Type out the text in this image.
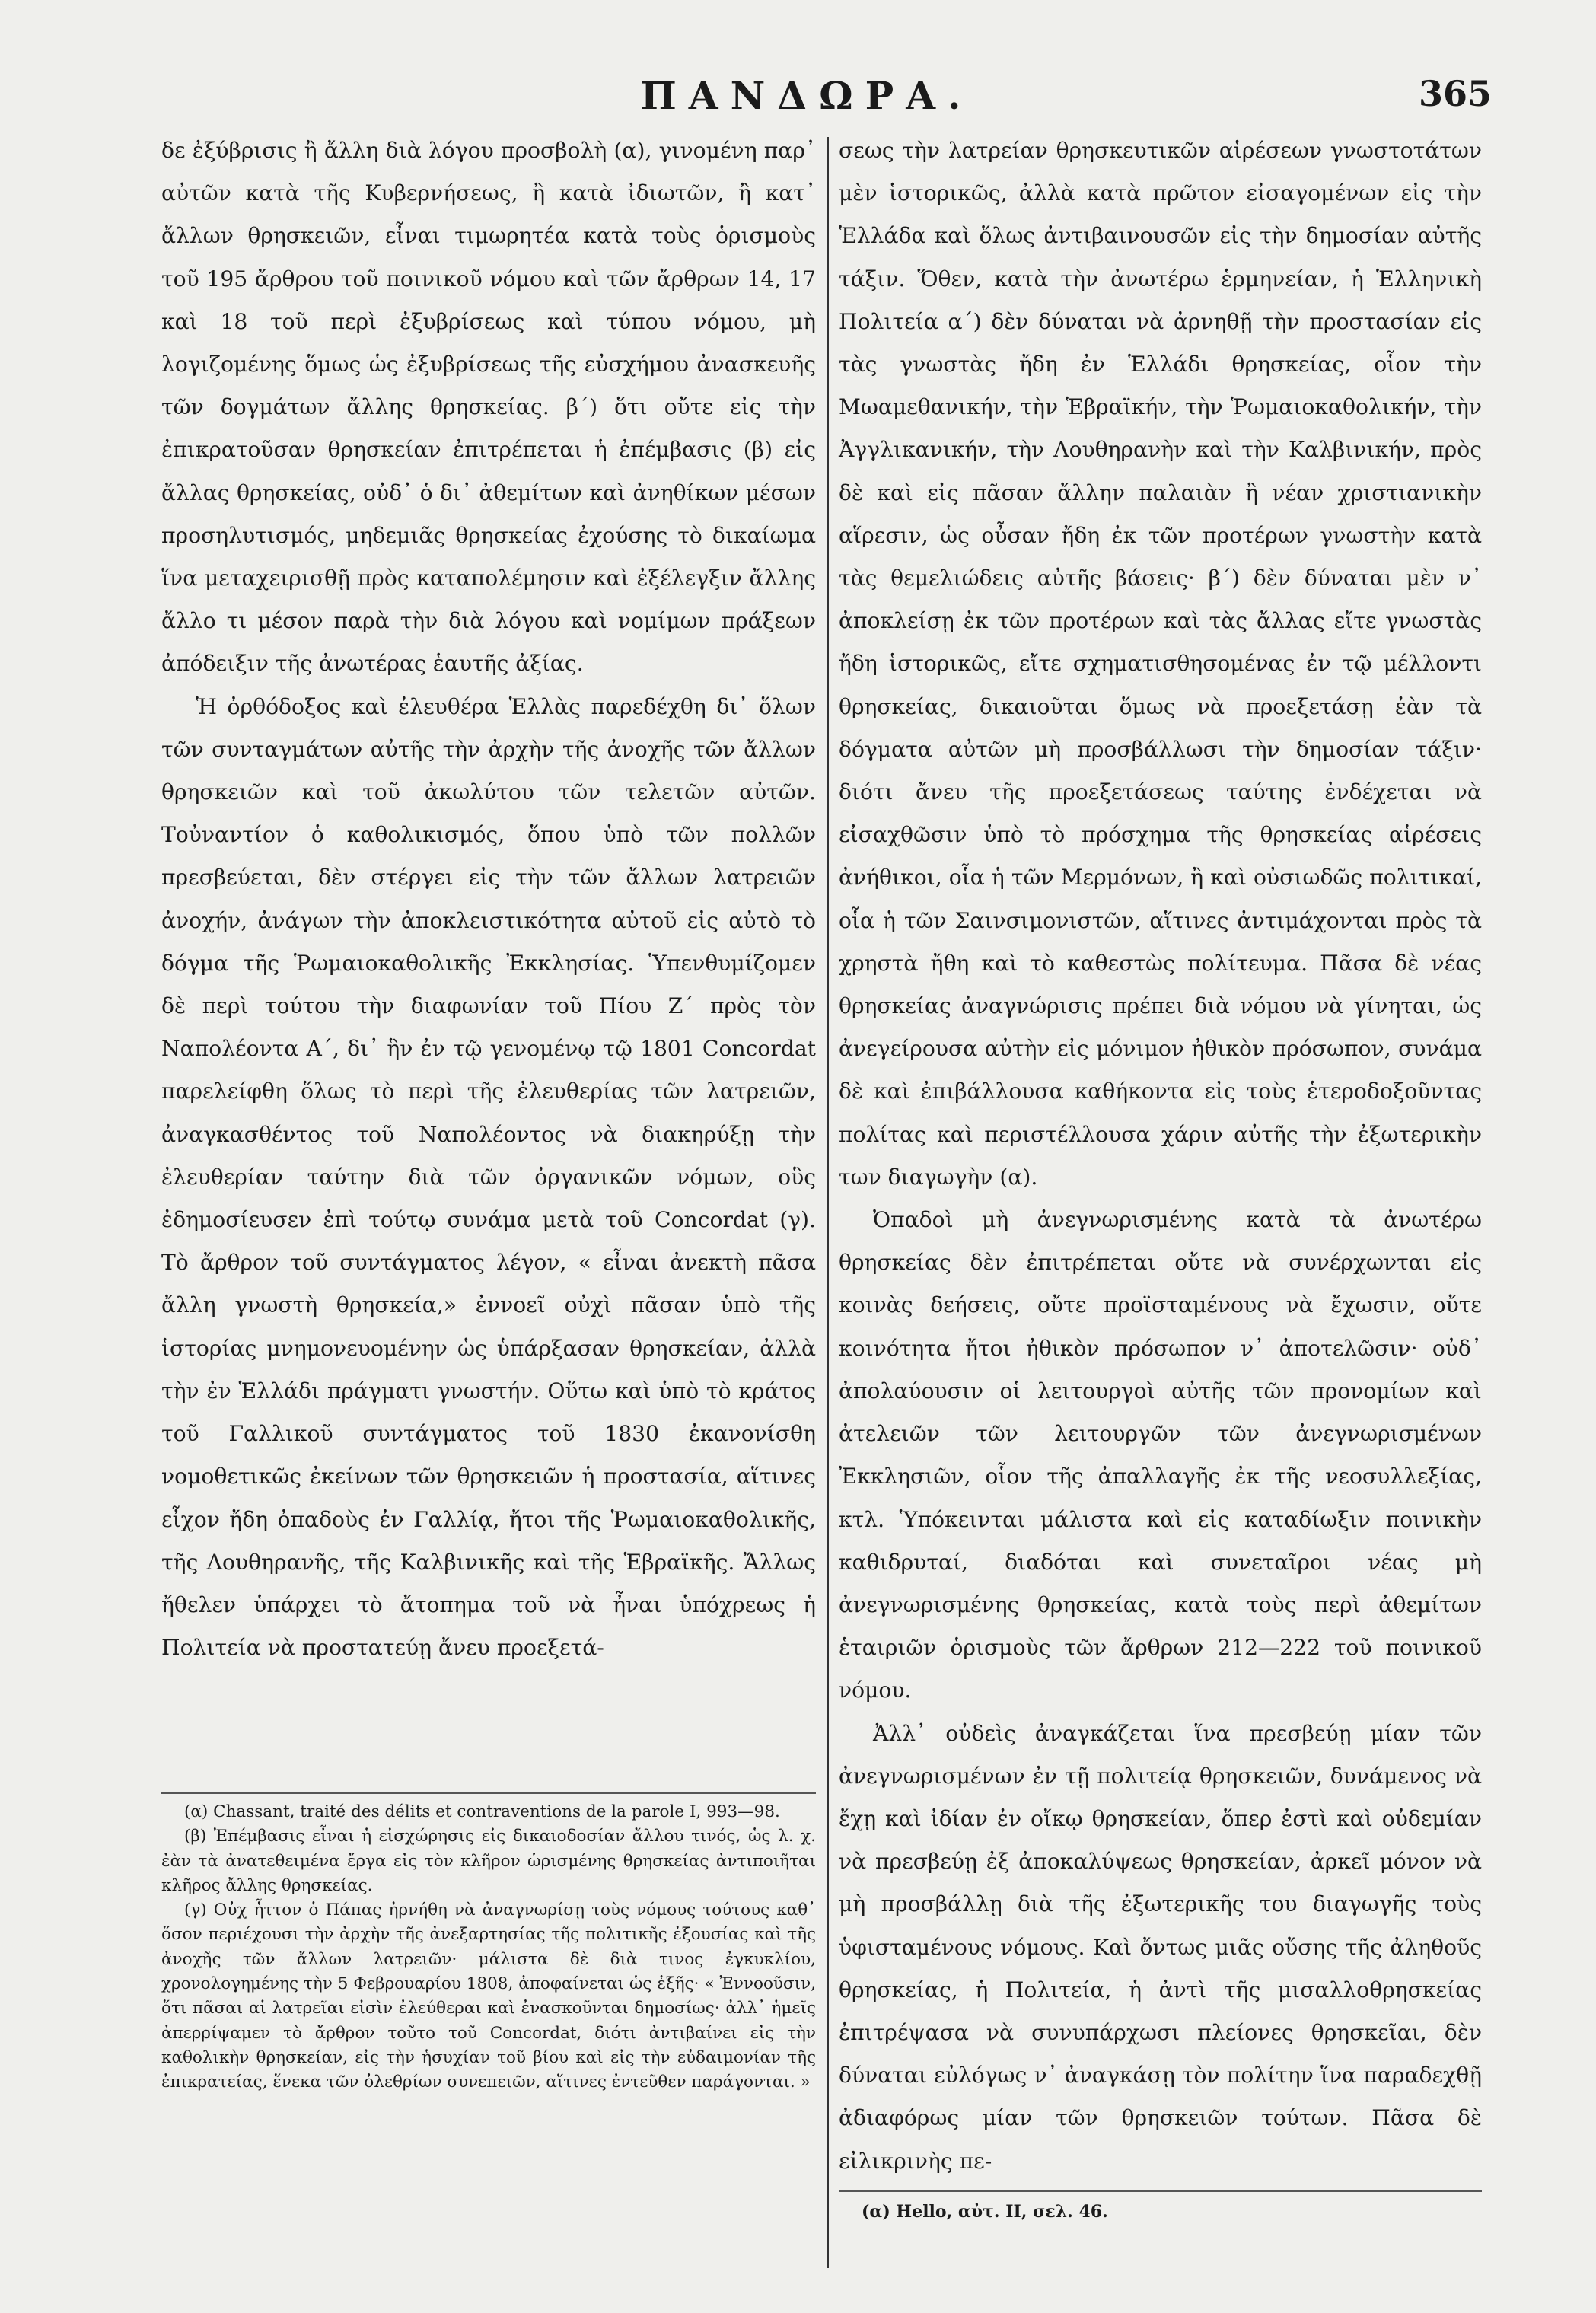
ΠΑΝΔΩΡΑ.	365

δε ἐξύβρισις ἢ ἄλλη διὰ λόγου προσβολὴ (α), γινομένη παρ᾽ αὐτῶν κατὰ τῆς Κυβερνήσεως, ἢ κατὰ ἰδιωτῶν, ἢ κατ᾽ ἄλλων θρησκειῶν, εἶναι τιμωρητέα κατὰ τοὺς ὁρισμοὺς τοῦ 195 ἄρθρου τοῦ ποινικοῦ νόμου καὶ τῶν ἄρθρων 14, 17 καὶ 18 τοῦ περὶ ἐξυβρίσεως καὶ τύπου νόμου, μὴ λογιζομένης ὅμως ὡς ἐξυβρίσεως τῆς εὐσχήμου ἀνασκευῆς τῶν δογμάτων ἄλλης θρησκείας. β΄) ὅτι οὔτε εἰς τὴν ἐπικρατοῦσαν θρησκείαν ἐπιτρέπεται ἡ ἐπέμβασις (β) εἰς ἄλλας θρησκείας, οὐδ᾽ ὁ δι᾽ ἀθεμίτων καὶ ἀνηθίκων μέσων προσηλυτισμός, μηδεμιᾶς θρησκείας ἐχούσης τὸ δικαίωμα ἵνα μεταχειρισθῇ πρὸς καταπολέμησιν καὶ ἐξέλεγξιν ἄλλης ἄλλο τι μέσον παρὰ τὴν διὰ λόγου καὶ νομίμων πράξεων ἀπόδειξιν τῆς ἀνωτέρας ἑαυτῆς ἀξίας.

Ἡ ὀρθόδοξος καὶ ἐλευθέρα Ἑλλὰς παρεδέχθη δι᾽ ὅλων τῶν συνταγμάτων αὐτῆς τὴν ἀρχὴν τῆς ἀνοχῆς τῶν ἄλλων θρησκειῶν καὶ τοῦ ἀκωλύτου τῶν τελετῶν αὐτῶν. Τοὐναντίον ὁ καθολικισμός, ὅπου ὑπὸ τῶν πολλῶν πρεσβεύεται, δὲν στέργει εἰς τὴν τῶν ἄλλων λατρειῶν ἀνοχήν, ἀνάγων τὴν ἀποκλειστικότητα αὐτοῦ εἰς αὐτὸ τὸ δόγμα τῆς Ῥωμαιοκαθολικῆς Ἐκκλησίας. Ὑπενθυμίζομεν δὲ περὶ τούτου τὴν διαφωνίαν τοῦ Πίου Ζ΄ πρὸς τὸν Ναπολέοντα Α΄, δι᾽ ἣν ἐν τῷ γενομένῳ τῷ 1801 Concordat παρελείφθη ὅλως τὸ περὶ τῆς ἐλευθερίας τῶν λατρειῶν, ἀναγκασθέντος τοῦ Ναπολέοντος νὰ διακηρύξῃ τὴν ἐλευθερίαν ταύτην διὰ τῶν ὀργανικῶν νόμων, οὓς ἐδημοσίευσεν ἐπὶ τούτῳ συνάμα μετὰ τοῦ Concordat (γ). Τὸ ἄρθρον τοῦ συντάγματος λέγον, « εἶναι ἀνεκτὴ πᾶσα ἄλλη γνωστὴ θρησκεία,» ἐννοεῖ οὐχὶ πᾶσαν ὑπὸ τῆς ἱστορίας μνημονευομένην ὡς ὑπάρξασαν θρησκείαν, ἀλλὰ τὴν ἐν Ἑλλάδι πράγματι γνωστήν. Οὕτω καὶ ὑπὸ τὸ κράτος τοῦ Γαλλικοῦ συντάγματος τοῦ 1830 ἐκανονίσθη νομοθετικῶς ἐκείνων τῶν θρησκειῶν ἡ προστασία, αἵτινες εἶχον ἤδη ὀπαδοὺς ἐν Γαλλίᾳ, ἤτοι τῆς Ῥωμαιοκαθολικῆς, τῆς Λουθηρανῆς, τῆς Καλβινικῆς καὶ τῆς Ἑβραϊκῆς. Ἄλλως ἤθελεν ὑπάρχει τὸ ἄτοπημα τοῦ νὰ ἦναι ὑπόχρεως ἡ Πολιτεία νὰ προστατεύῃ ἄνευ προεξετά-

σεως τὴν λατρείαν θρησκευτικῶν αἱρέσεων γνωστοτάτων μὲν ἱστορικῶς, ἀλλὰ κατὰ πρῶτον εἰσαγομένων εἰς τὴν Ἑλλάδα καὶ ὅλως ἀντιβαινουσῶν εἰς τὴν δημοσίαν αὐτῆς τάξιν. Ὅθεν, κατὰ τὴν ἀνωτέρω ἑρμηνείαν, ἡ Ἑλληνικὴ Πολιτεία α΄) δὲν δύναται νὰ ἀρνηθῇ τὴν προστασίαν εἰς τὰς γνωστὰς ἤδη ἐν Ἑλλάδι θρησκείας, οἷον τὴν Μωαμεθανικήν, τὴν Ἑβραϊκήν, τὴν Ῥωμαιοκαθολικήν, τὴν Ἀγγλικανικήν, τὴν Λουθηρανὴν καὶ τὴν Καλβινικήν, πρὸς δὲ καὶ εἰς πᾶσαν ἄλλην παλαιὰν ἢ νέαν χριστιανικὴν αἵρεσιν, ὡς οὖσαν ἤδη ἐκ τῶν προτέρων γνωστὴν κατὰ τὰς θεμελιώδεις αὐτῆς βάσεις· β΄) δὲν δύναται μὲν ν᾽ ἀποκλείσῃ ἐκ τῶν προτέρων καὶ τὰς ἄλλας εἴτε γνωστὰς ἤδη ἱστορικῶς, εἴτε σχηματισθησομένας ἐν τῷ μέλλοντι θρησκείας, δικαιοῦται ὅμως νὰ προεξετάσῃ ἐὰν τὰ δόγματα αὐτῶν μὴ προσβάλλωσι τὴν δημοσίαν τάξιν· διότι ἄνευ τῆς προεξετάσεως ταύτης ἐνδέχεται νὰ εἰσαχθῶσιν ὑπὸ τὸ πρόσχημα τῆς θρησκείας αἱρέσεις ἀνήθικοι, οἷα ἡ τῶν Μερμόνων, ἢ καὶ οὐσιωδῶς πολιτικαί, οἷα ἡ τῶν Σαινσιμονιστῶν, αἵτινες ἀντιμάχονται πρὸς τὰ χρηστὰ ἤθη καὶ τὸ καθεστὼς πολίτευμα. Πᾶσα δὲ νέας θρησκείας ἀναγνώρισις πρέπει διὰ νόμου νὰ γίνηται, ὡς ἀνεγείρουσα αὐτὴν εἰς μόνιμον ἠθικὸν πρόσωπον, συνάμα δὲ καὶ ἐπιβάλλουσα καθήκοντα εἰς τοὺς ἑτεροδοξοῦντας πολίτας καὶ περιστέλλουσα χάριν αὐτῆς τὴν ἐξωτερικὴν των διαγωγὴν (α).

Ὀπαδοὶ μὴ ἀνεγνωρισμένης κατὰ τὰ ἀνωτέρω θρησκείας δὲν ἐπιτρέπεται οὔτε νὰ συνέρχωνται εἰς κοινὰς δεήσεις, οὔτε προϊσταμένους νὰ ἔχωσιν, οὔτε κοινότητα ἤτοι ἠθικὸν πρόσωπον ν᾽ ἀποτελῶσιν· οὐδ᾽ ἀπολαύουσιν οἱ λειτουργοὶ αὐτῆς τῶν προνομίων καὶ ἀτελειῶν τῶν λειτουργῶν τῶν ἀνεγνωρισμένων Ἐκκλησιῶν, οἷον τῆς ἀπαλλαγῆς ἐκ τῆς νεοσυλλεξίας, κτλ. Ὑπόκεινται μάλιστα καὶ εἰς καταδίωξιν ποινικὴν καθιδρυταί, διαδόται καὶ συνεταῖροι νέας μὴ ἀνεγνωρισμένης θρησκείας, κατὰ τοὺς περὶ ἀθεμίτων ἑταιριῶν ὁρισμοὺς τῶν ἄρθρων 212—222 τοῦ ποινικοῦ νόμου.

Ἀλλ᾽ οὐδεὶς ἀναγκάζεται ἵνα πρεσβεύῃ μίαν τῶν ἀνεγνωρισμένων ἐν τῇ πολιτείᾳ θρησκειῶν, δυνάμενος νὰ ἔχῃ καὶ ἰδίαν ἐν οἴκῳ θρησκείαν, ὅπερ ἐστὶ καὶ οὐδεμίαν νὰ πρεσβεύῃ ἐξ ἀποκαλύψεως θρησκείαν, ἀρκεῖ μόνον νὰ μὴ προσβάλλῃ διὰ τῆς ἐξωτερικῆς του διαγωγῆς τοὺς ὑφισταμένους νόμους. Καὶ ὄντως μιᾶς οὔσης τῆς ἀληθοῦς θρησκείας, ἡ Πολιτεία, ἡ ἀντὶ τῆς μισαλλοθρησκείας ἐπιτρέψασα νὰ συνυπάρχωσι πλείονες θρησκεῖαι, δὲν δύναται εὐλόγως ν᾽ ἀναγκάσῃ τὸν πολίτην ἵνα παραδεχθῇ ἀδιαφόρως μίαν τῶν θρησκειῶν τούτων. Πᾶσα δὲ εἰλικρινὴς πε-

(α) Chassant, traité des délits et contraventions de la parole I, 993—98.

(β) Ἐπέμβασις εἶναι ἡ εἰσχώρησις εἰς δικαιοδοσίαν ἄλλου τινός, ὡς λ. χ. ἐὰν τὰ ἀνατεθειμένα ἔργα εἰς τὸν κλῆρον ὡρισμένης θρησκείας ἀντιποιῆται κλῆρος ἄλλης θρησκείας.

(γ) Οὐχ ἧττον ὁ Πάπας ἠρνήθη νὰ ἀναγνωρίσῃ τοὺς νόμους τούτους καθ᾽ ὅσον περιέχουσι τὴν ἀρχὴν τῆς ἀνεξαρτησίας τῆς πολιτικῆς ἐξουσίας καὶ τῆς ἀνοχῆς τῶν ἄλλων λατρειῶν· μάλιστα δὲ διὰ τινος ἐγκυκλίου, χρονολογημένης τὴν 5 Φεβρουαρίου 1808, ἀποφαίνεται ὡς ἑξῆς· « Ἐννοοῦσιν, ὅτι πᾶσαι αἱ λατρεῖαι εἰσὶν ἐλεύθεραι καὶ ἐνασκοῦνται δημοσίως· ἀλλ᾽ ἡμεῖς ἀπερρίψαμεν τὸ ἄρθρον τοῦτο τοῦ Concordat, διότι ἀντιβαίνει εἰς τὴν καθολικὴν θρησκείαν, εἰς τὴν ἡσυχίαν τοῦ βίου καὶ εἰς τὴν εὐδαιμονίαν τῆς ἐπικρατείας, ἕνεκα τῶν ὀλεθρίων συνεπειῶν, αἵτινες ἐντεῦθεν παράγονται. »

(α) Hello, αὐτ. II, σελ. 46.
